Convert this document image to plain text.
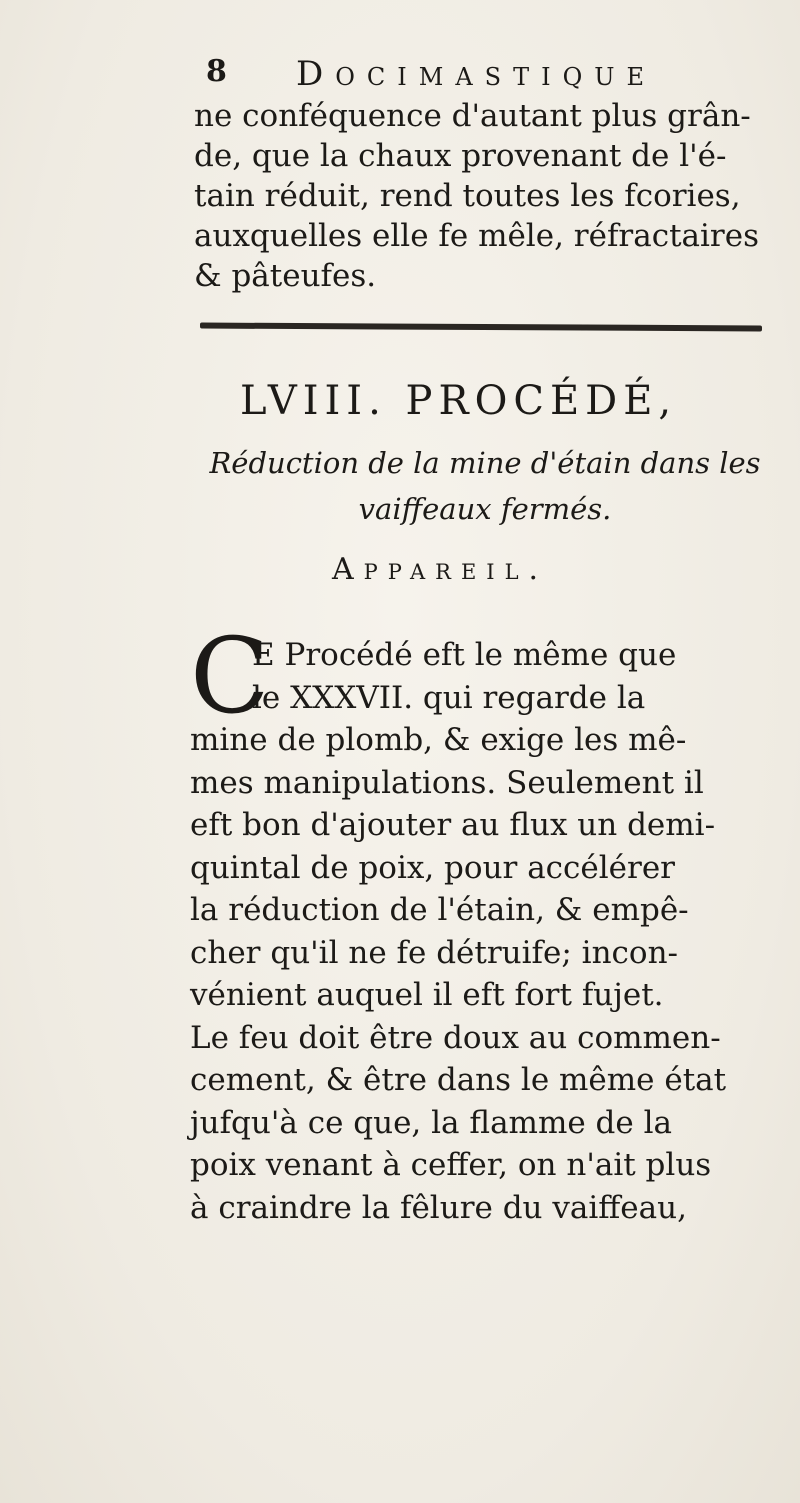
8 Docimastique
ne conféquence d'autant plus grân-
de, que la chaux provenant de l'é-
tain réduit, rend toutes les fcories,
auxquelles elle fe mêle, réfractaires
& pâteufes.
LVIII. PROCÉDÉ,
Réduction de la mine d'étain dans les
vaiffeaux fermés.
Appareil.
C
E Procédé eft le même que
le XXXVII. qui regarde la
mine de plomb, & exige les mê-
mes manipulations. Seulement il
eft bon d'ajouter au flux un demi-
quintal de poix, pour accélérer
la réduction de l'étain, & empê-
cher qu'il ne fe détruife; incon-
vénient auquel il eft fort fujet.
Le feu doit être doux au commen-
cement, & être dans le même état
jufqu'à ce que, la flamme de la
poix venant à ceffer, on n'ait plus
à craindre la fêlure du vaiffeau,
